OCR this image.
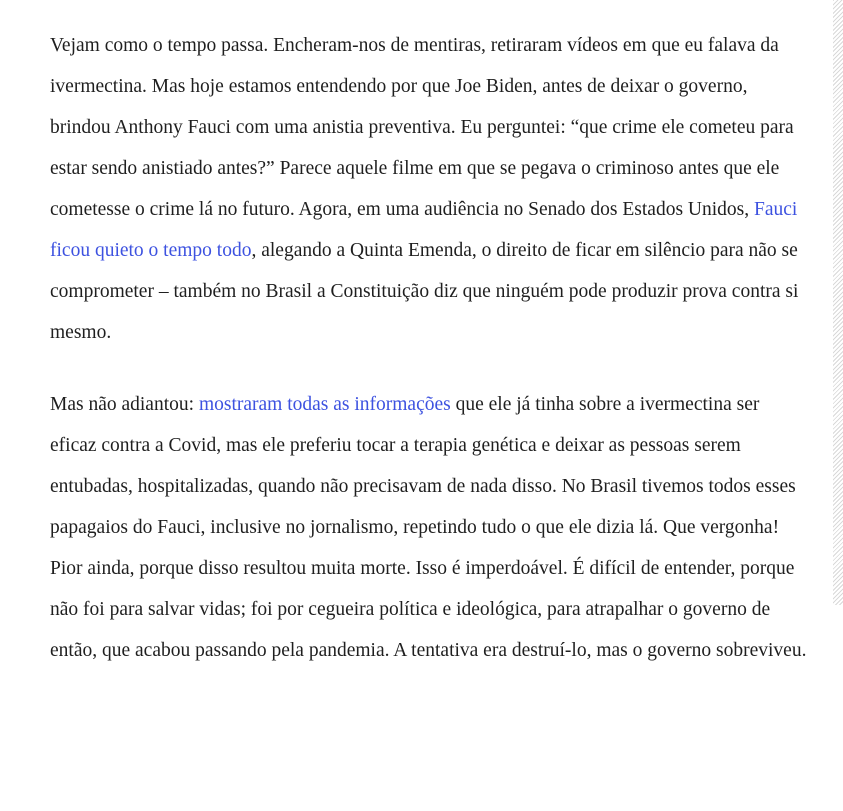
Vejam como o tempo passa. Encheram-nos de mentiras, retiraram vídeos em que eu falava da ivermectina. Mas hoje estamos entendendo por que Joe Biden, antes de deixar o governo, brindou Anthony Fauci com uma anistia preventiva. Eu perguntei: “que crime ele cometeu para estar sendo anistiado antes?” Parece aquele filme em que se pegava o criminoso antes que ele cometesse o crime lá no futuro. Agora, em uma audiência no Senado dos Estados Unidos, Fauci ficou quieto o tempo todo, alegando a Quinta Emenda, o direito de ficar em silêncio para não se comprometer – também no Brasil a Constituição diz que ninguém pode produzir prova contra si mesmo.

Mas não adiantou: mostraram todas as informações que ele já tinha sobre a ivermectina ser eficaz contra a Covid, mas ele preferiu tocar a terapia genética e deixar as pessoas serem entubadas, hospitalizadas, quando não precisavam de nada disso. No Brasil tivemos todos esses papagaios do Fauci, inclusive no jornalismo, repetindo tudo o que ele dizia lá. Que vergonha! Pior ainda, porque disso resultou muita morte. Isso é imperdoável. É difícil de entender, porque não foi para salvar vidas; foi por cegueira política e ideológica, para atrapalhar o governo de então, que acabou passando pela pandemia. A tentativa era destruí-lo, mas o governo sobreviveu.
